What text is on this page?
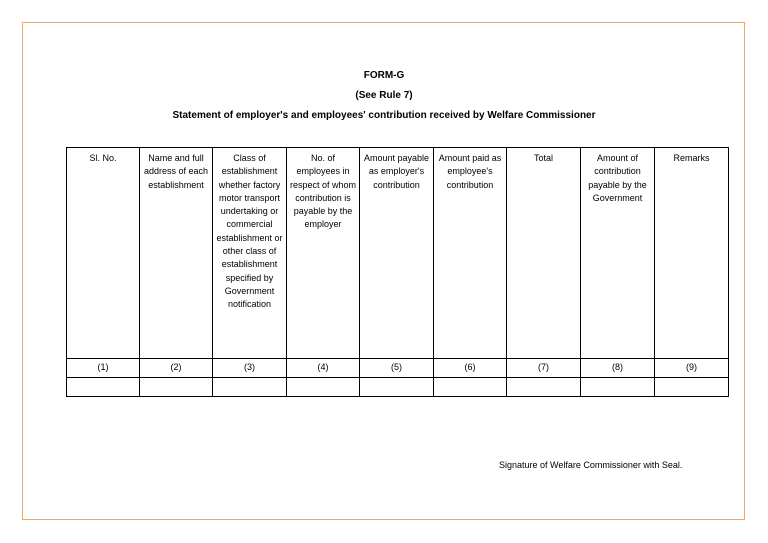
FORM-G
(See Rule 7)
Statement of employer's and employees' contribution received by Welfare Commissioner
Sl. No.	Name and full address of each establishment	Class of establishment whether factory motor transport undertaking or commercial establishment or other class of establishment specified by Government notification	No. of employees in respect of whom contribution is payable by the employer	Amount payable as employer's contribution	Amount paid as employee's contribution	Total	Amount of contribution payable by the Government	Remarks
(1)	(2)	(3)	(4)	(5)	(6)	(7)	(8)	(9)

Signature of Welfare Commissioner with Seal.
